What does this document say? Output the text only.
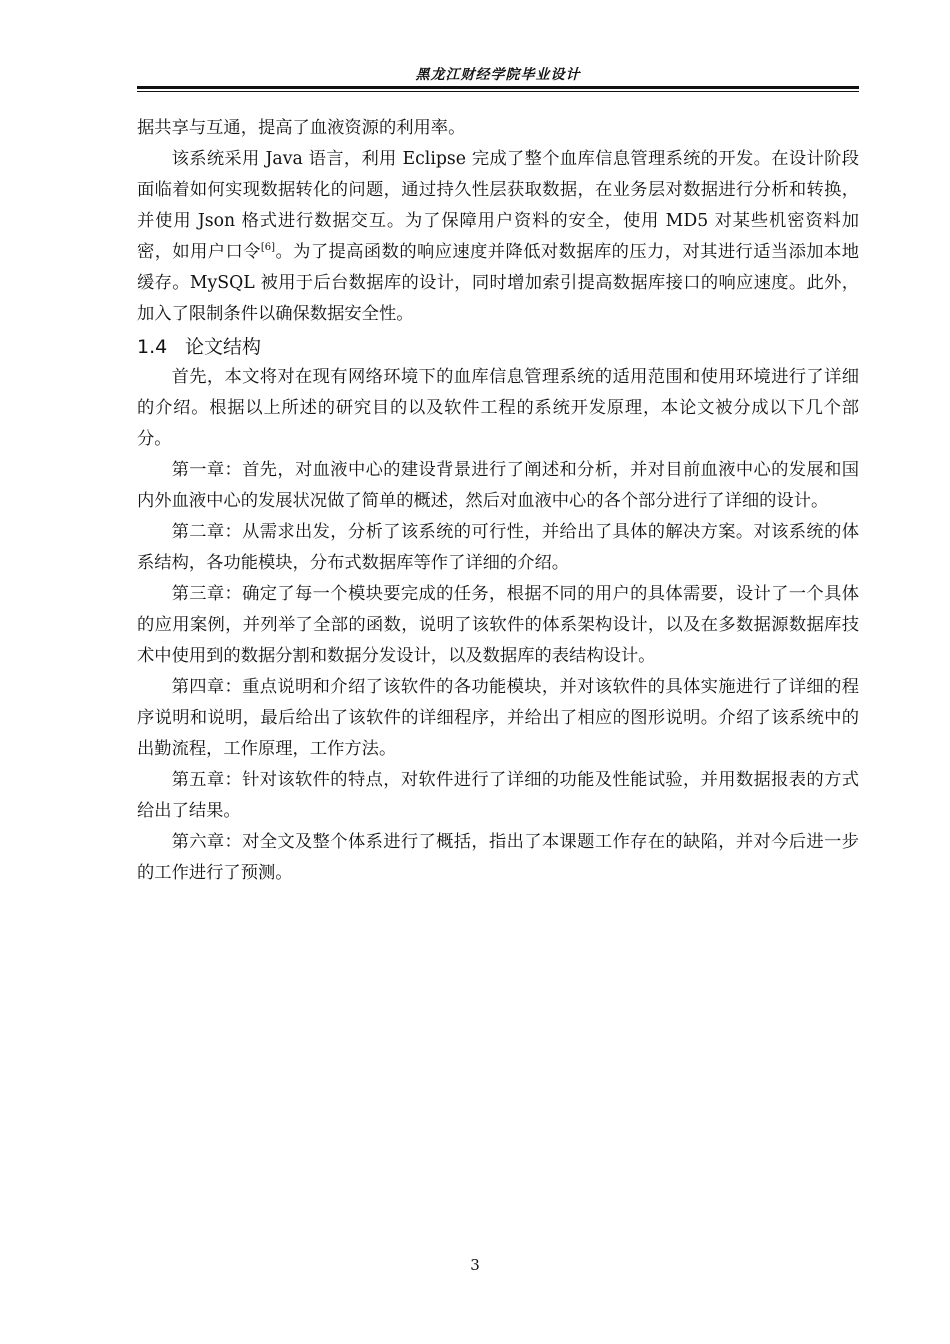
黑龙江财经学院毕业设计

据共享与互通，提高了血液资源的利用率。

该系统采用 Java 语言，利用 Eclipse 完成了整个血库信息管理系统的开发。在设计阶段面临着如何实现数据转化的问题，通过持久性层获取数据，在业务层对数据进行分析和转换，并使用 Json 格式进行数据交互。为了保障用户资料的安全，使用 MD5 对某些机密资料加密，如用户口令[6]。为了提高函数的响应速度并降低对数据库的压力，对其进行适当添加本地缓存。MySQL 被用于后台数据库的设计，同时增加索引提高数据库接口的响应速度。此外，加入了限制条件以确保数据安全性。

1.4 论文结构

首先，本文将对在现有网络环境下的血库信息管理系统的适用范围和使用环境进行了详细的介绍。根据以上所述的研究目的以及软件工程的系统开发原理，本论文被分成以下几个部分。

第一章：首先，对血液中心的建设背景进行了阐述和分析，并对目前血液中心的发展和国内外血液中心的发展状况做了简单的概述，然后对血液中心的各个部分进行了详细的设计。

第二章：从需求出发，分析了该系统的可行性，并给出了具体的解决方案。对该系统的体系结构，各功能模块，分布式数据库等作了详细的介绍。

第三章：确定了每一个模块要完成的任务，根据不同的用户的具体需要，设计了一个具体的应用案例，并列举了全部的函数，说明了该软件的体系架构设计，以及在多数据源数据库技术中使用到的数据分割和数据分发设计，以及数据库的表结构设计。

第四章：重点说明和介绍了该软件的各功能模块，并对该软件的具体实施进行了详细的程序说明和说明，最后给出了该软件的详细程序，并给出了相应的图形说明。介绍了该系统中的出勤流程，工作原理，工作方法。

第五章：针对该软件的特点，对软件进行了详细的功能及性能试验，并用数据报表的方式给出了结果。

第六章：对全文及整个体系进行了概括，指出了本课题工作存在的缺陷，并对今后进一步的工作进行了预测。

3
